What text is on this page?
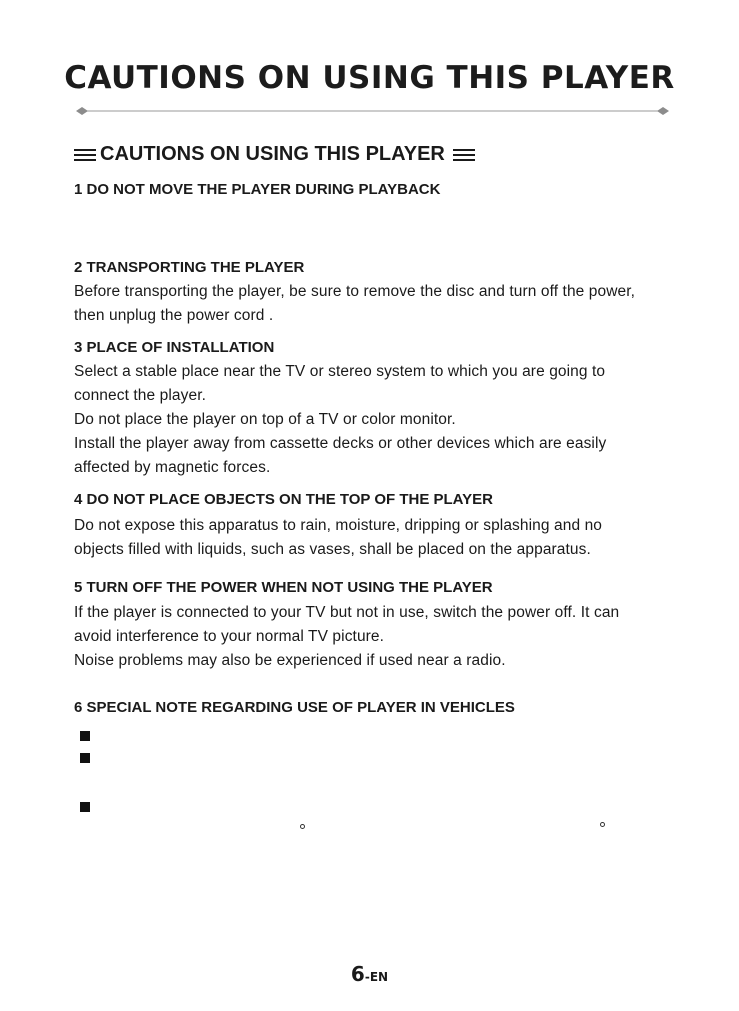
CAUTIONS ON USING THIS PLAYER
CAUTIONS ON USING THIS PLAYER
1 DO NOT MOVE THE PLAYER DURING PLAYBACK
2 TRANSPORTING THE PLAYER
Before transporting the player, be sure to remove the disc and turn off the power,
then unplug the power cord .
3 PLACE OF INSTALLATION
Select a stable place near the TV or stereo system to which you are going to
connect the player.
Do not place the player on top of a TV or color monitor.
Install the player away from cassette decks or other devices which are easily
affected by magnetic forces.
4 DO NOT PLACE OBJECTS ON THE TOP OF THE PLAYER
Do not expose this apparatus to rain, moisture, dripping or splashing and no
objects filled with liquids, such as vases, shall be placed on the apparatus.
5 TURN OFF THE POWER WHEN NOT USING THE PLAYER
If the player is connected to your TV but not in use, switch the power off. It can
avoid interference to your normal TV picture.
Noise problems may also be experienced if used near a radio.
6 SPECIAL NOTE REGARDING USE OF PLAYER IN VEHICLES
6-EN
